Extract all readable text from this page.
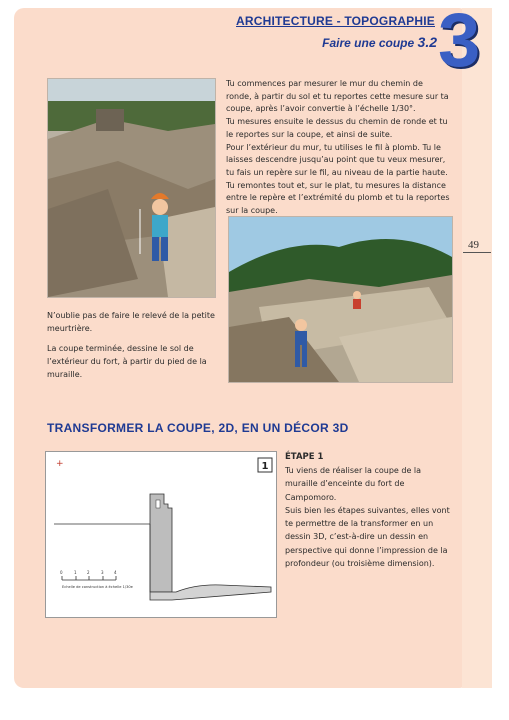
ARCHITECTURE - TOPOGRAPHIE
Faire une coupe 3.2 3
49

Tu commences par mesurer le mur du chemin de ronde, à partir du sol et tu reportes cette mesure sur ta coupe, après l’avoir convertie à l’échelle 1/30°.

Tu mesures ensuite le dessus du chemin de ronde et tu le reportes sur la coupe, et ainsi de suite.

Pour l’extérieur du mur, tu utilises le fil à plomb. Tu le laisses descendre jusqu’au point que tu veux mesurer, tu fais un repère sur le fil, au niveau de la partie haute. Tu remontes tout et, sur le plat, tu mesures la distance entre le repère et l’extrémité du plomb et tu la reportes sur la coupe.

N’oublie pas de faire le relevé de la petite meurtrière.

La coupe terminée, dessine le sol de l’extérieur du fort, à partir du pied de la muraille.

TRANSFORMER LA COUPE, 2D, EN UN DÉCOR 3D
+	1
0	1	2	3	4
Echelle de construction à échelle 1/30e
ÉTAPE 1

Tu viens de réaliser la coupe de la muraille d’enceinte du fort de Campomoro.

Suis bien les étapes suivantes, elles vont te permettre de la transformer en un dessin 3D, c’est-à-dire un dessin en perspective qui donne l’impression de la profondeur (ou troisième dimension).
